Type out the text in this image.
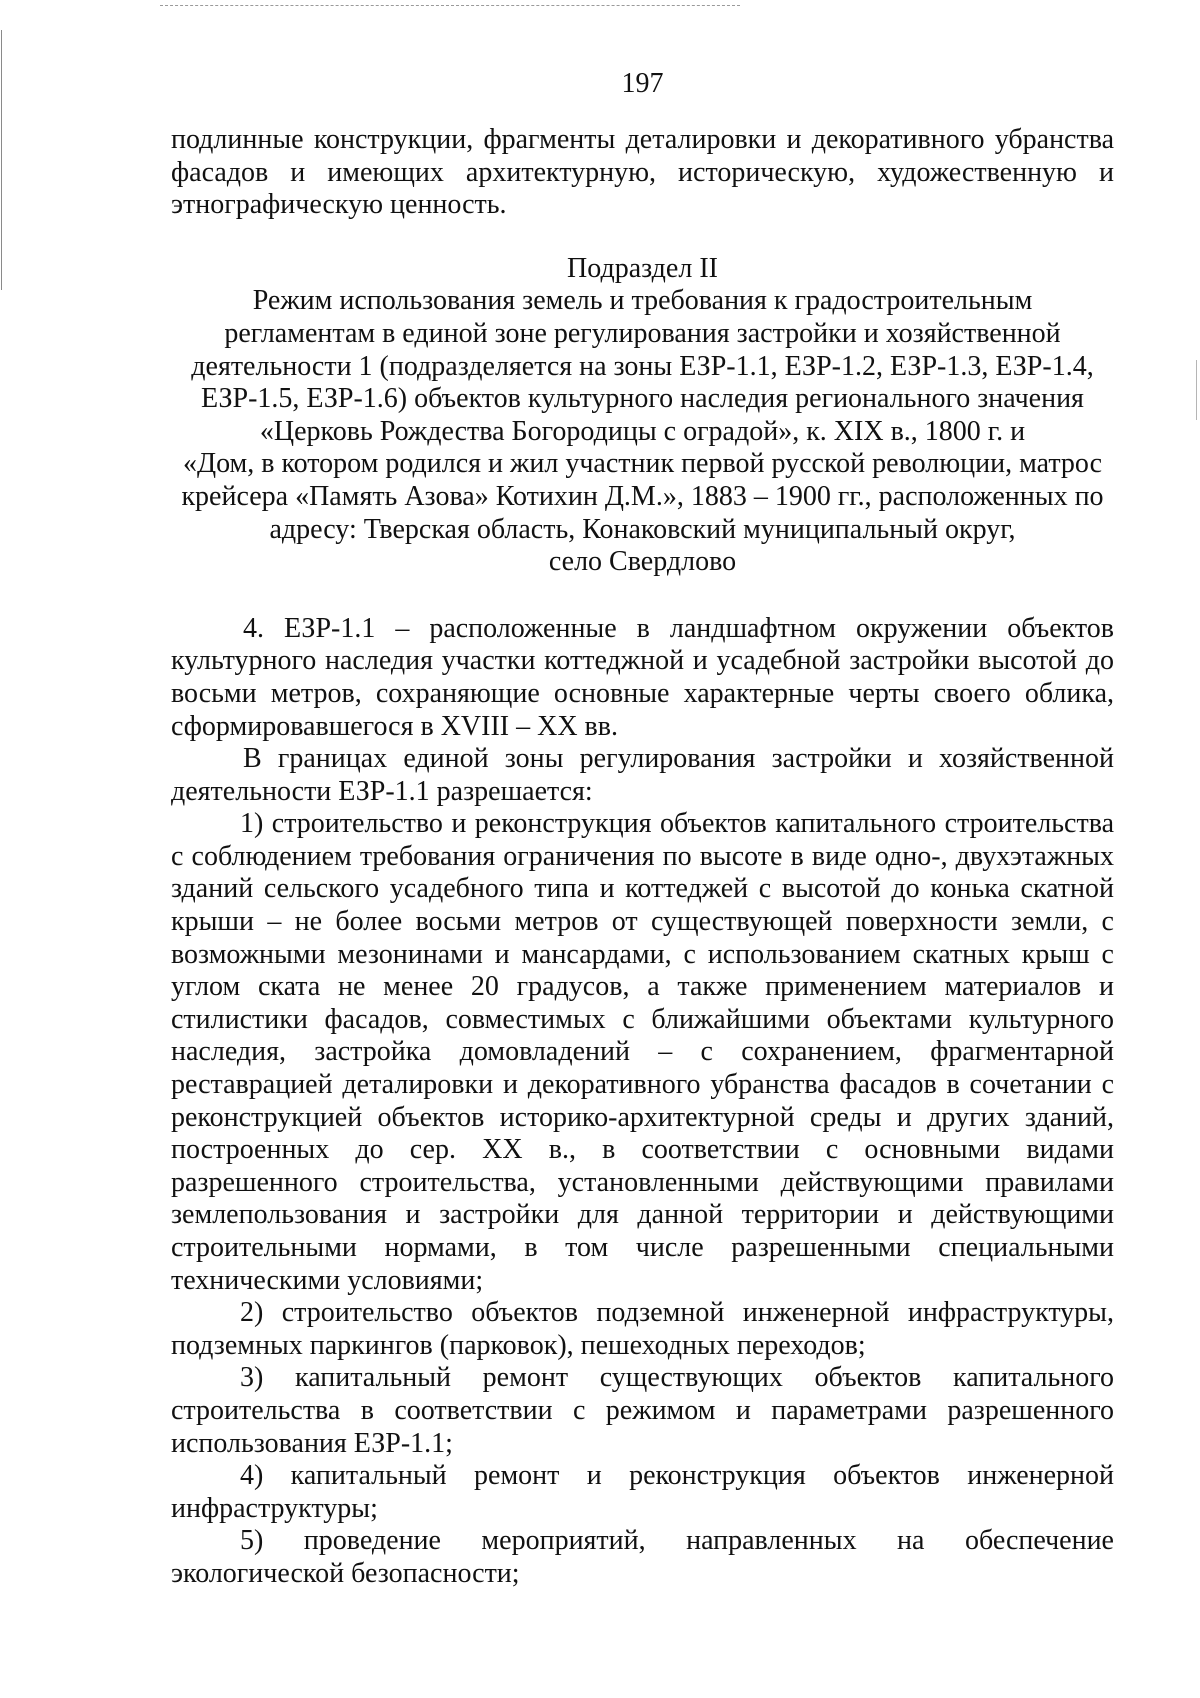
197

подлинные конструкции, фрагменты деталировки и декоративного убранства фасадов и имеющих архитектурную, историческую, художественную и этнографическую ценность.

Подраздел II
Режим использования земель и требования к градостроительным
регламентам в единой зоне регулирования застройки и хозяйственной
деятельности 1 (подразделяется на зоны ЕЗР-1.1, ЕЗР-1.2, ЕЗР-1.3, ЕЗР-1.4,
ЕЗР-1.5, ЕЗР-1.6) объектов культурного наследия регионального значения
«Церковь Рождества Богородицы с оградой», к. XIX в., 1800 г. и
«Дом, в котором родился и жил участник первой русской революции, матрос
крейсера «Память Азова» Котихин Д.М.», 1883 – 1900 гг., расположенных по
адресу: Тверская область, Конаковский муниципальный округ,
село Свердлово

4. ЕЗР-1.1 – расположенные в ландшафтном окружении объектов культурного наследия участки коттеджной и усадебной застройки высотой до восьми метров, сохраняющие основные характерные черты своего облика, сформировавшегося в XVIII – XX вв.

В границах единой зоны регулирования застройки и хозяйственной деятельности ЕЗР-1.1 разрешается:

1) строительство и реконструкция объектов капитального строительства с соблюдением требования ограничения по высоте в виде одно-, двухэтажных зданий сельского усадебного типа и коттеджей с высотой до конька скатной крыши – не более восьми метров от существующей поверхности земли, с возможными мезонинами и мансардами, с использованием скатных крыш с углом ската не менее 20 градусов, а также применением материалов и стилистики фасадов, совместимых с ближайшими объектами культурного наследия, застройка домовладений – с сохранением, фрагментарной реставрацией деталировки и декоративного убранства фасадов в сочетании с реконструкцией объектов историко-архитектурной среды и других зданий, построенных до сер. XX в., в соответствии с основными видами разрешенного строительства, установленными действующими правилами землепользования и застройки для данной территории и действующими строительными нормами, в том числе разрешенными специальными техническими условиями;

2) строительство объектов подземной инженерной инфраструктуры, подземных паркингов (парковок), пешеходных переходов;

3) капитальный ремонт существующих объектов капитального строительства в соответствии с режимом и параметрами разрешенного использования ЕЗР-1.1;

4) капитальный ремонт и реконструкция объектов инженерной инфраструктуры;

5) проведение мероприятий, направленных на обеспечение экологической безопасности;
